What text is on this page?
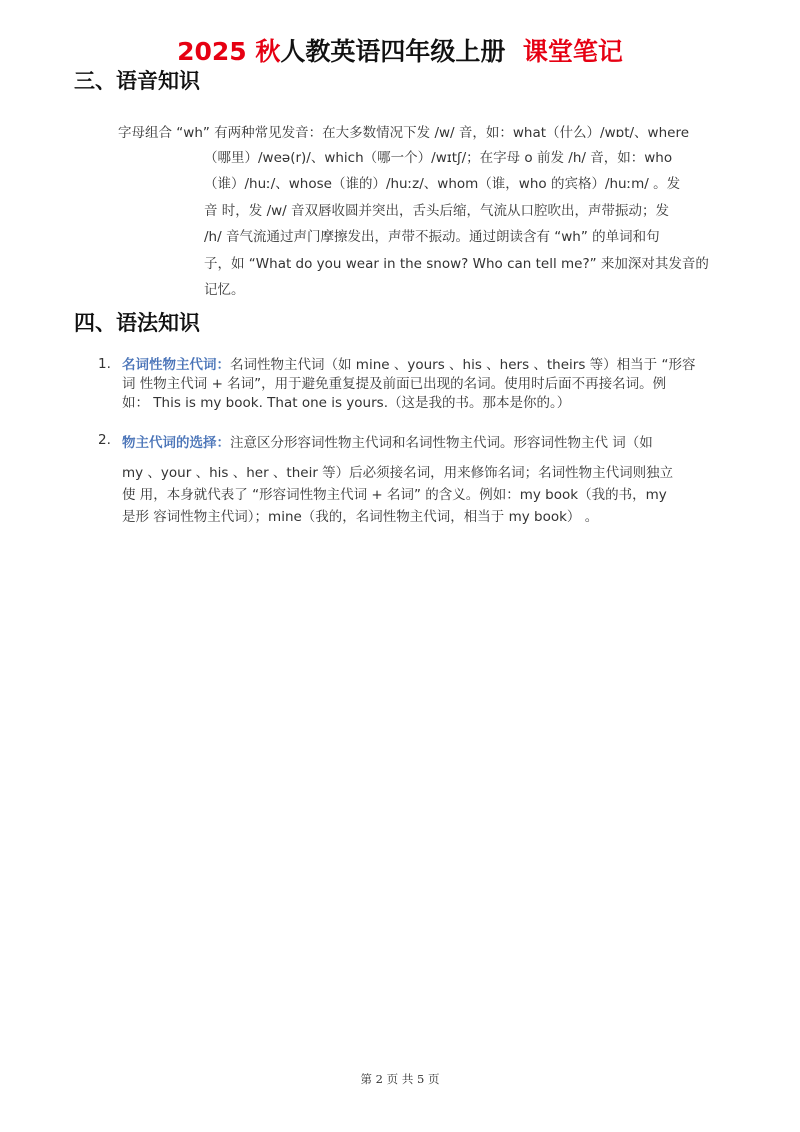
2025 秋人教英语四年级上册 课堂笔记
三、语音知识
字母组合 “wh” 有两种常见发音：在大多数情况下发 /w/ 音，如：what（什么）/wɒt/、where
（哪里）/weə(r)/、which（哪一个）/wɪtʃ/；在字母 o 前发 /h/ 音，如：who
（谁）/huː/、whose（谁的）/huːz/、whom（谁，who 的宾格）/huːm/ 。发
音 时，发 /w/ 音双唇收圆并突出，舌头后缩，气流从口腔吹出，声带振动；发
/h/ 音气流通过声门摩擦发出，声带不振动。通过朗读含有 “wh” 的单词和句
子，如 “What do you wear in the snow? Who can tell me?” 来加深对其发音的
记忆。
四、语法知识
1. 名词性物主代词：名词性物主代词（如 mine 、yours 、his 、hers 、theirs 等）相当于 “形容
词 性物主代词 + 名词”，用于避免重复提及前面已出现的名词。使用时后面不再接名词。例
如： This is my book. That one is yours.（这是我的书。那本是你的。）
2. 物主代词的选择：注意区分形容词性物主代词和名词性物主代词。形容词性物主代 词（如
my 、your 、his 、her 、their 等）后必须接名词，用来修饰名词；名词性物主代词则独立
使 用，本身就代表了 “形容词性物主代词 + 名词” 的含义。例如：my book（我的书，my
是形 容词性物主代词）；mine（我的，名词性物主代词，相当于 my book） 。
第 2 页 共 5 页
